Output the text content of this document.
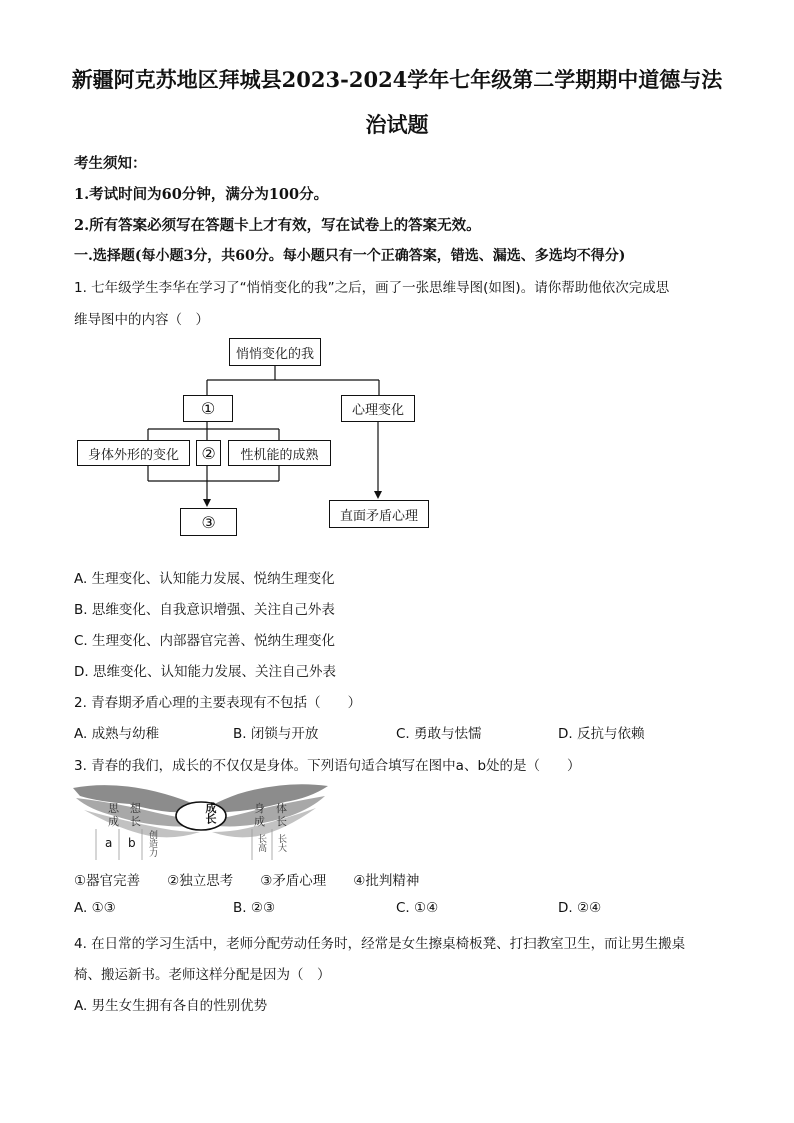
新疆阿克苏地区拜城县2023-2024学年七年级第二学期期中道德与法
治试题
考生须知：
1.考试时间为60分钟，满分为100分。
2.所有答案必须写在答题卡上才有效，写在试卷上的答案无效。
一.选择题(每小题3分，共60分。每小题只有一个正确答案，错选、漏选、多选均不得分)
1. 七年级学生李华在学习了“悄悄变化的我”之后，画了一张思维导图(如图)。请你帮助他依次完成思
维导图中的内容（　）
悄悄变化的我
①	心理变化
身体外形的变化 ② 性机能的成熟
③	直面矛盾心理
A. 生理变化、认知能力发展、悦纳生理变化
B. 思维变化、自我意识增强、关注自己外表
C. 生理变化、内部器官完善、悦纳生理变化
D. 思维变化、认知能力发展、关注自己外表
2. 青春期矛盾心理的主要表现有不包括（　　）
A. 成熟与幼稚	B. 闭锁与开放	C. 勇敢与怯懦	D. 反抗与依赖
3. 青春的我们，成长的不仅仅是身体。下列语句适合填写在图中a、b处的是（　　）
思　想
成　长	成长	身　体
成　长
a b 创造力	长高 长大
①器官完善　　②独立思考　　③矛盾心理　　④批判精神
A. ①③	B. ②③	C. ①④	D. ②④
4. 在日常的学习生活中，老师分配劳动任务时，经常是女生擦桌椅板凳、打扫教室卫生，而让男生搬桌
椅、搬运新书。老师这样分配是因为（　）
A. 男生女生拥有各自的性别优势
